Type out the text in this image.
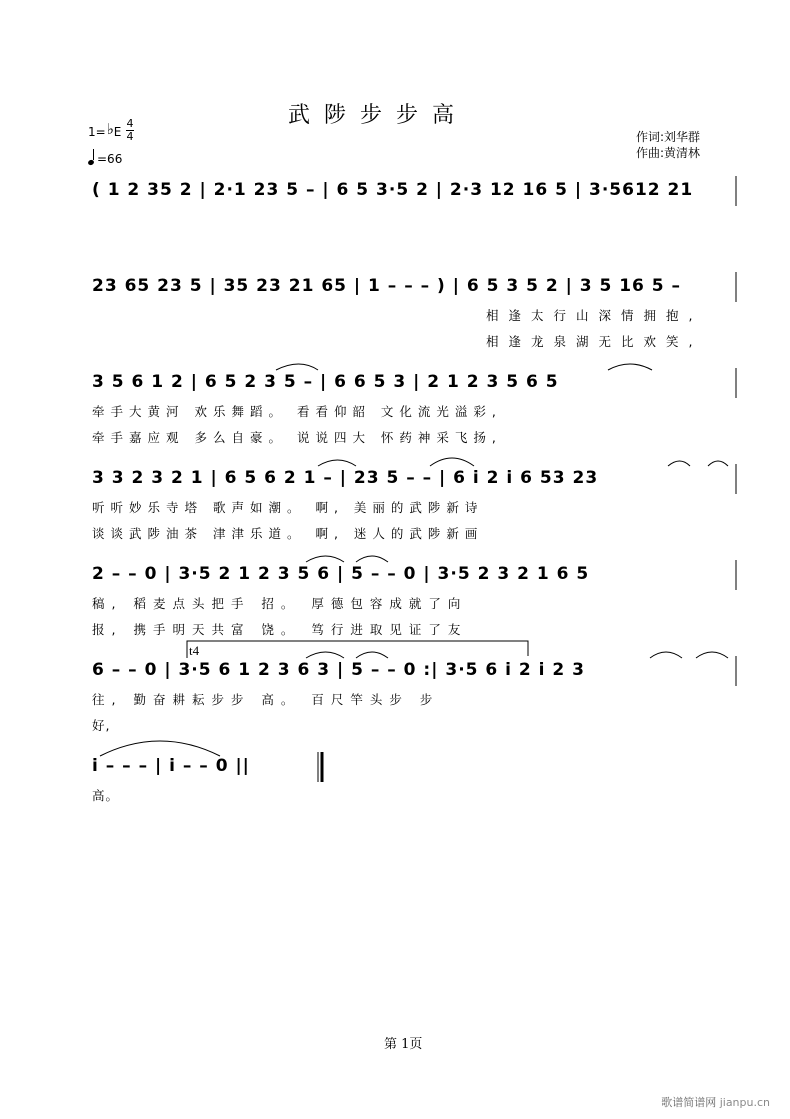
武陟步步高
1=♭E
4
4
=66
作词:刘华群
作曲:黄清林
( 1 2 35 2 | 2·1 23 5 – | 6 5 3·5 2 | 2·3 12 16 5 | 3·5612 21
23 65 23 5 | 35 23 21 65 | 1 – – – ) | 6 5 3 5 2 | 3 5 16 5 –
相逢太行山深情拥抱,
相逢龙泉湖无比欢笑,
3 5 6 1 2 | 6 5 2 3 5 – | 6 6 5 3 | 2 1 2 3 5 6 5
牵手大黄河 欢乐舞蹈。 看看仰韶 文化流光溢彩,
牵手嘉应观 多么自豪。 说说四大 怀药神采飞扬,
3 3 2 3 2 1 | 6 5 6 2 1 – | 23 5 – – | 6 i 2 i 6 53 23
听听妙乐寺塔 歌声如潮。 啊, 美丽的武陟新诗
谈谈武陟油茶 津津乐道。 啊, 迷人的武陟新画
2 – – 0 | 3·5 2 1 2 3 5 6 | 5 – – 0 | 3·5 2 3 2 1 6 5
稿, 稻麦点头把手 招。 厚德包容成就了向
报, 携手明天共富 饶。 笃行进取见证了友
t4
6 – – 0 | 3·5 6 1 2 3 6 3 | 5 – – 0 :| 3·5 6 i 2 i 2 3
往, 勤奋耕耘步步 高。 百尺竿头步 步
好,
i – – – | i – – 0 ||
高。
第 1页
歌谱简谱网 jianpu.cn
